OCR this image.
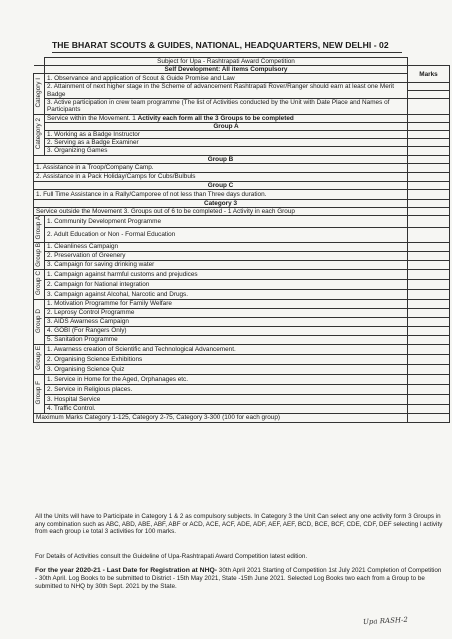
THE BHARAT SCOUTS & GUIDES, NATIONAL, HEADQUARTERS, NEW DELHI - 02
	Subject for Upa - Rashtrapati Award Competition	
	Self Development: All items Compulsory	Marks
Category I	1. Observance and application of Scout & Guide Promise and Law	
	2. Attainment of next higher stage in the Scheme of advancement Rashtrapati Rover/Ranger should earn at least one Merit Badge	

	3. Active participation in crew team programme (The list of Activities conducted by the Unit with Date Place and Names of Participants	
Category 2	Service within the Movement. 1 Activity each form all the 3 Groups to be completed	
	Group A	
	1. Working as a Badge Instructor	
	2. Serving as a Badge Examiner	
	3. Organizing Games	
Group B		
1. Assistance in a Troop/Company Camp.		
2. Assistance in a Pack Holiday/Camps for Cubs/Bulbuls		
Group C		
1. Full Time Assistance in a Rally/Camporee of not less than Three days duration.		
Category 3		
Service outside the Movement 3. Groups out of 6 to be completed - 1 Activity in each Group		
Group A	1. Community Development Programme	
	2. Adult Education or Non - Formal Education	
Group B	1. Cleanliness Campaign	
	2. Preservation of Greenery	
	3. Campaign for saving drinking water	
Group C	1. Campaign against harmful customs and prejudices	
	2. Campaign for National integration	
	3. Campaign against Alcohal, Narcotic and Drugs.	
Group D	1. Motivation Programme for Family Welfare	
	2. Leprosy Control Programme	
	3. AIDS Awarness Campaign	
	4. GOBI (For Rangers Only)	
	5. Sanitation Programme	
Group E	1. Awarness creation of Scientific and Technological Advancement.	
	2. Organising Science Exhibitions	
	3. Organising Science Quiz	
Group F	1. Service in Home for the Aged, Orphanages etc.	
	2. Service in Religious places.	
	3. Hospital Service	
	4. Traffic Control.	
Maximum Marks Category 1-125, Category 2-75, Category 3-300 (100 for each group)		
All the Units will have to Participate in Category 1 & 2 as compulsory subjects. In Category 3 the Unit Can select any one activity form 3 Groups in any combination such as ABC, ABD, ABE, ABF, ABF or ACD, ACE, ACF, ADE, ADF, AEF, AEF, BCD, BCE, BCF, CDE, CDF, DEF selecting l activity from each group i.e total 3 activities for 100 marks.
For Details of Activities consult the Guideline of Upa-Rashtrapati Award Competition latest edition.
For the year 2020-21 - Last Date for Registration at NHQ- 30th April 2021 Starting of Competition 1st July 2021 Completion of Competition - 30th April. Log Books to be submitted to District - 15th May 2021, State -15th June 2021. Selected Log Books two each from a Group to be submitted to NHQ by 30th Sept. 2021 by the State.
Upa RASH-2
